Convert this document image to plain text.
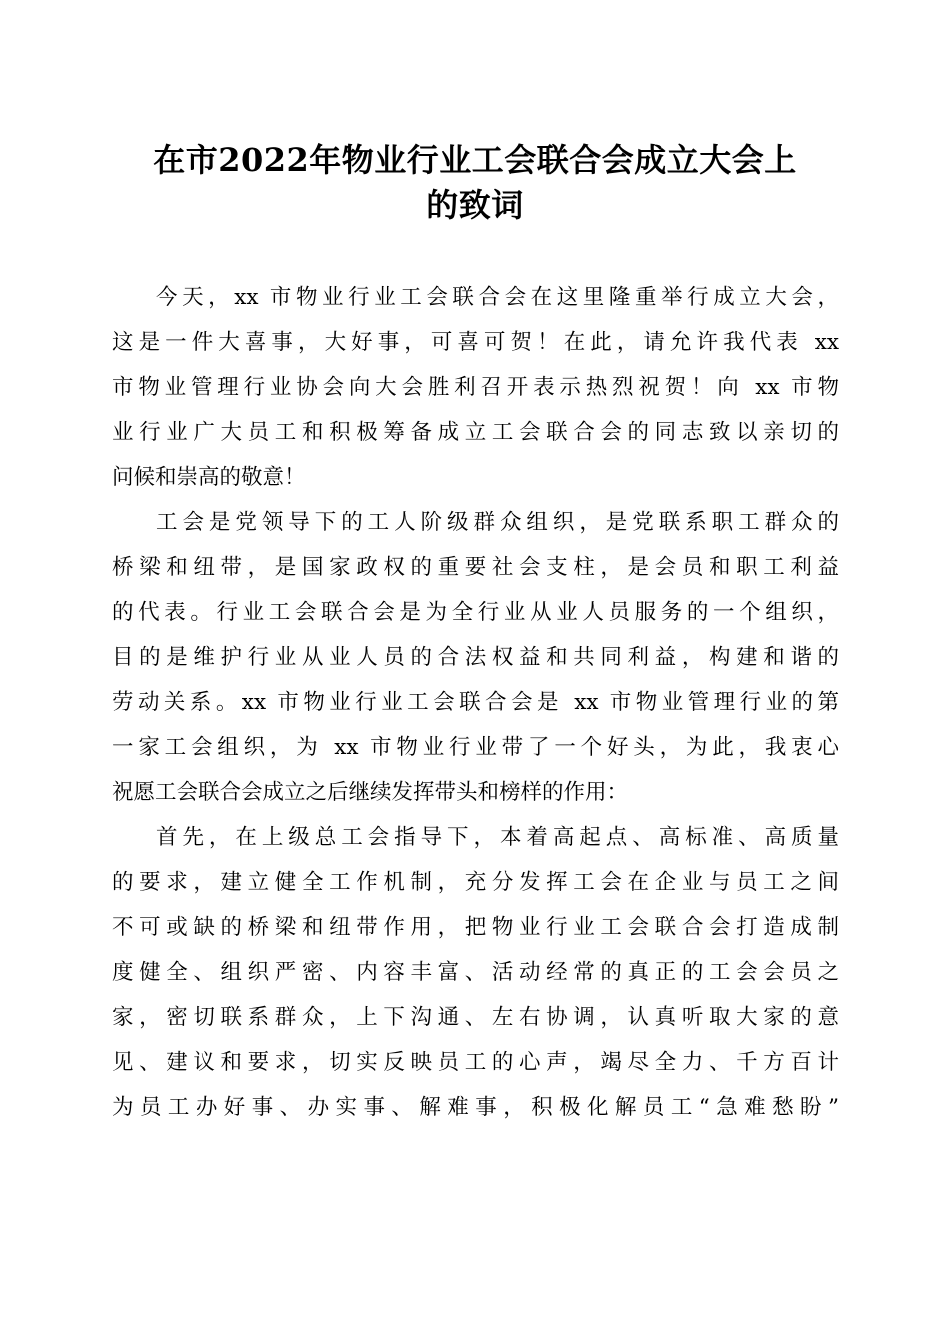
在市2022年物业行业工会联合会成立大会上
的致词
今天，xx 市物业行业工会联合会在这里隆重举行成立大会，
这是一件大喜事，大好事，可喜可贺！在此，请允许我代表 xx
市物业管理行业协会向大会胜利召开表示热烈祝贺！向 xx 市物
业行业广大员工和积极筹备成立工会联合会的同志致以亲切的
问候和崇高的敬意！
工会是党领导下的工人阶级群众组织，是党联系职工群众的
桥梁和纽带，是国家政权的重要社会支柱，是会员和职工利益
的代表。行业工会联合会是为全行业从业人员服务的一个组织，
目的是维护行业从业人员的合法权益和共同利益，构建和谐的
劳动关系。xx 市物业行业工会联合会是 xx 市物业管理行业的第
一家工会组织，为 xx 市物业行业带了一个好头，为此，我衷心
祝愿工会联合会成立之后继续发挥带头和榜样的作用：
首先，在上级总工会指导下，本着高起点、高标准、高质量
的要求，建立健全工作机制，充分发挥工会在企业与员工之间
不可或缺的桥梁和纽带作用，把物业行业工会联合会打造成制
度健全、组织严密、内容丰富、活动经常的真正的工会会员之
家，密切联系群众，上下沟通、左右协调，认真听取大家的意
见、建议和要求，切实反映员工的心声，竭尽全力、千方百计
为员工办好事、办实事、解难事，积极化解员工“急难愁盼”
